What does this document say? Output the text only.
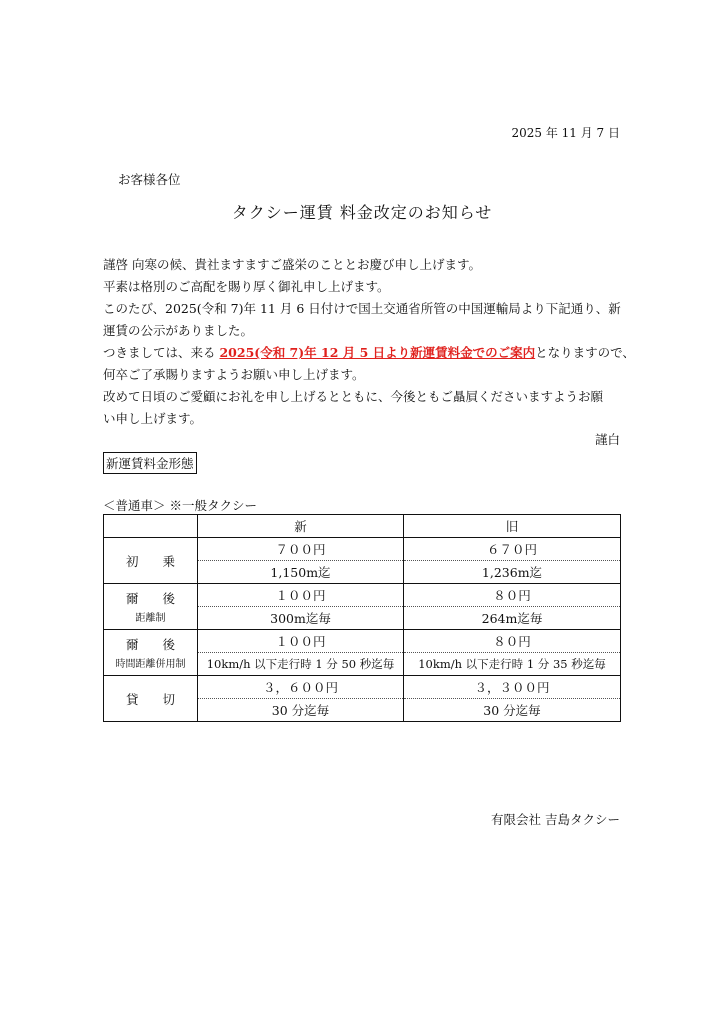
2025 年 11 月 7 日
お客様各位
タクシー運賃 料金改定のお知らせ
謹啓 向寒の候、貴社ますますご盛栄のこととお慶び申し上げます。
平素は格別のご高配を賜り厚く御礼申し上げます。
このたび、2025(令和 7)年 11 月 6 日付けで国土交通省所管の中国運輸局より下記通り、新
運賃の公示がありました。
つきましては、来る 2025(令和 7)年 12 月 5 日より新運賃料金でのご案内となりますので、
何卒ご了承賜りますようお願い申し上げます。
改めて日頃のご愛顧にお礼を申し上げるとともに、今後ともご贔屓くださいますようお願
い申し上げます。
謹白
新運賃料金形態
＜普通車＞ ※一般タクシー
	新	旧
初 乗	７００円	６７０円
	1,150m迄	1,236m迄
爾 後
距離制	１００円	８０円
	300m迄毎	264m迄毎
爾 後
時間距離併用制	１００円	８０円
	10km/h 以下走行時 1 分 50 秒迄毎	10km/h 以下走行時 1 分 35 秒迄毎
貸 切	３，６００円	３，３００円
	30 分迄毎	30 分迄毎
有限会社 吉島タクシー
